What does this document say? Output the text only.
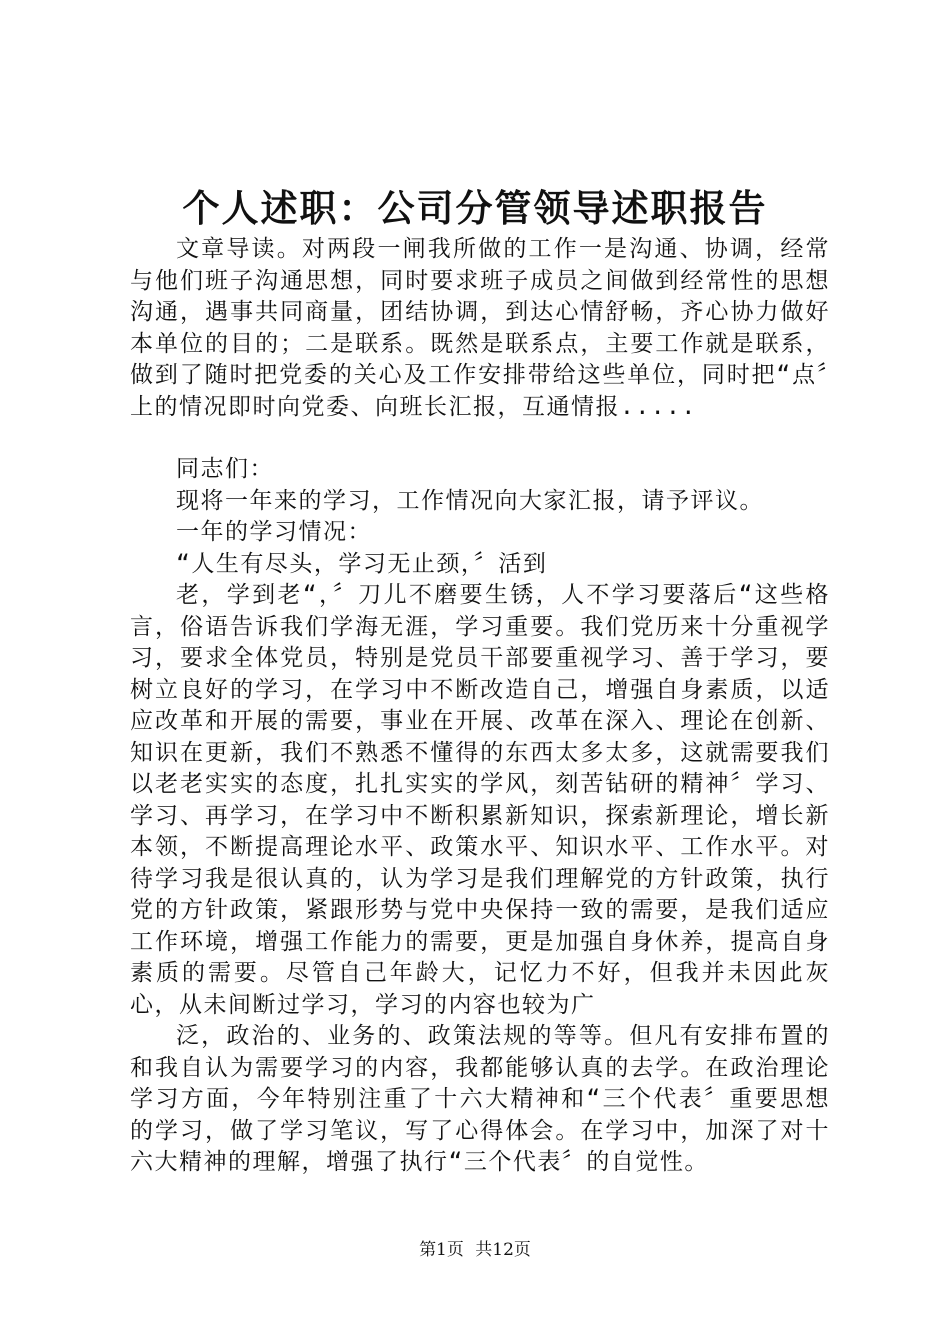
个人述职：公司分管领导述职报告

文章导读。对两段一闸我所做的工作一是沟通、协调，经常与他们班子沟通思想，同时要求班子成员之间做到经常性的思想沟通，遇事共同商量，团结协调，到达心情舒畅，齐心协力做好本单位的目的；二是联系。既然是联系点，主要工作就是联系，做到了随时把党委的关心及工作安排带给这些单位，同时把“点〞上的情况即时向党委、向班长汇报，互通情报.....

同志们：

现将一年来的学习，工作情况向大家汇报，请予评议。

一年的学习情况：

“人生有尽头，学习无止颈，〞活到

老，学到老“，〞刀儿不磨要生锈，人不学习要落后“这些格言，俗语告诉我们学海无涯，学习重要。我们党历来十分重视学习，要求全体党员，特别是党员干部要重视学习、善于学习，要树立良好的学习，在学习中不断改造自己，增强自身素质，以适应改革和开展的需要，事业在开展、改革在深入、理论在创新、知识在更新，我们不熟悉不懂得的东西太多太多，这就需要我们以老老实实的态度，扎扎实实的学风，刻苦钻研的精神〞学习、学习、再学习，在学习中不断积累新知识，探索新理论，增长新本领，不断提高理论水平、政策水平、知识水平、工作水平。对待学习我是很认真的，认为学习是我们理解党的方针政策，执行党的方针政策，紧跟形势与党中央保持一致的需要，是我们适应工作环境，增强工作能力的需要，更是加强自身休养，提高自身素质的需要。尽管自己年龄大，记忆力不好，但我并未因此灰心，从未间断过学习，学习的内容也较为广

泛，政治的、业务的、政策法规的等等。但凡有安排布置的和我自认为需要学习的内容，我都能够认真的去学。在政治理论学习方面，今年特别注重了十六大精神和“三个代表〞重要思想的学习，做了学习笔议，写了心得体会。在学习中，加深了对十六大精神的理解，增强了执行“三个代表〞的自觉性。

第1页 共12页
